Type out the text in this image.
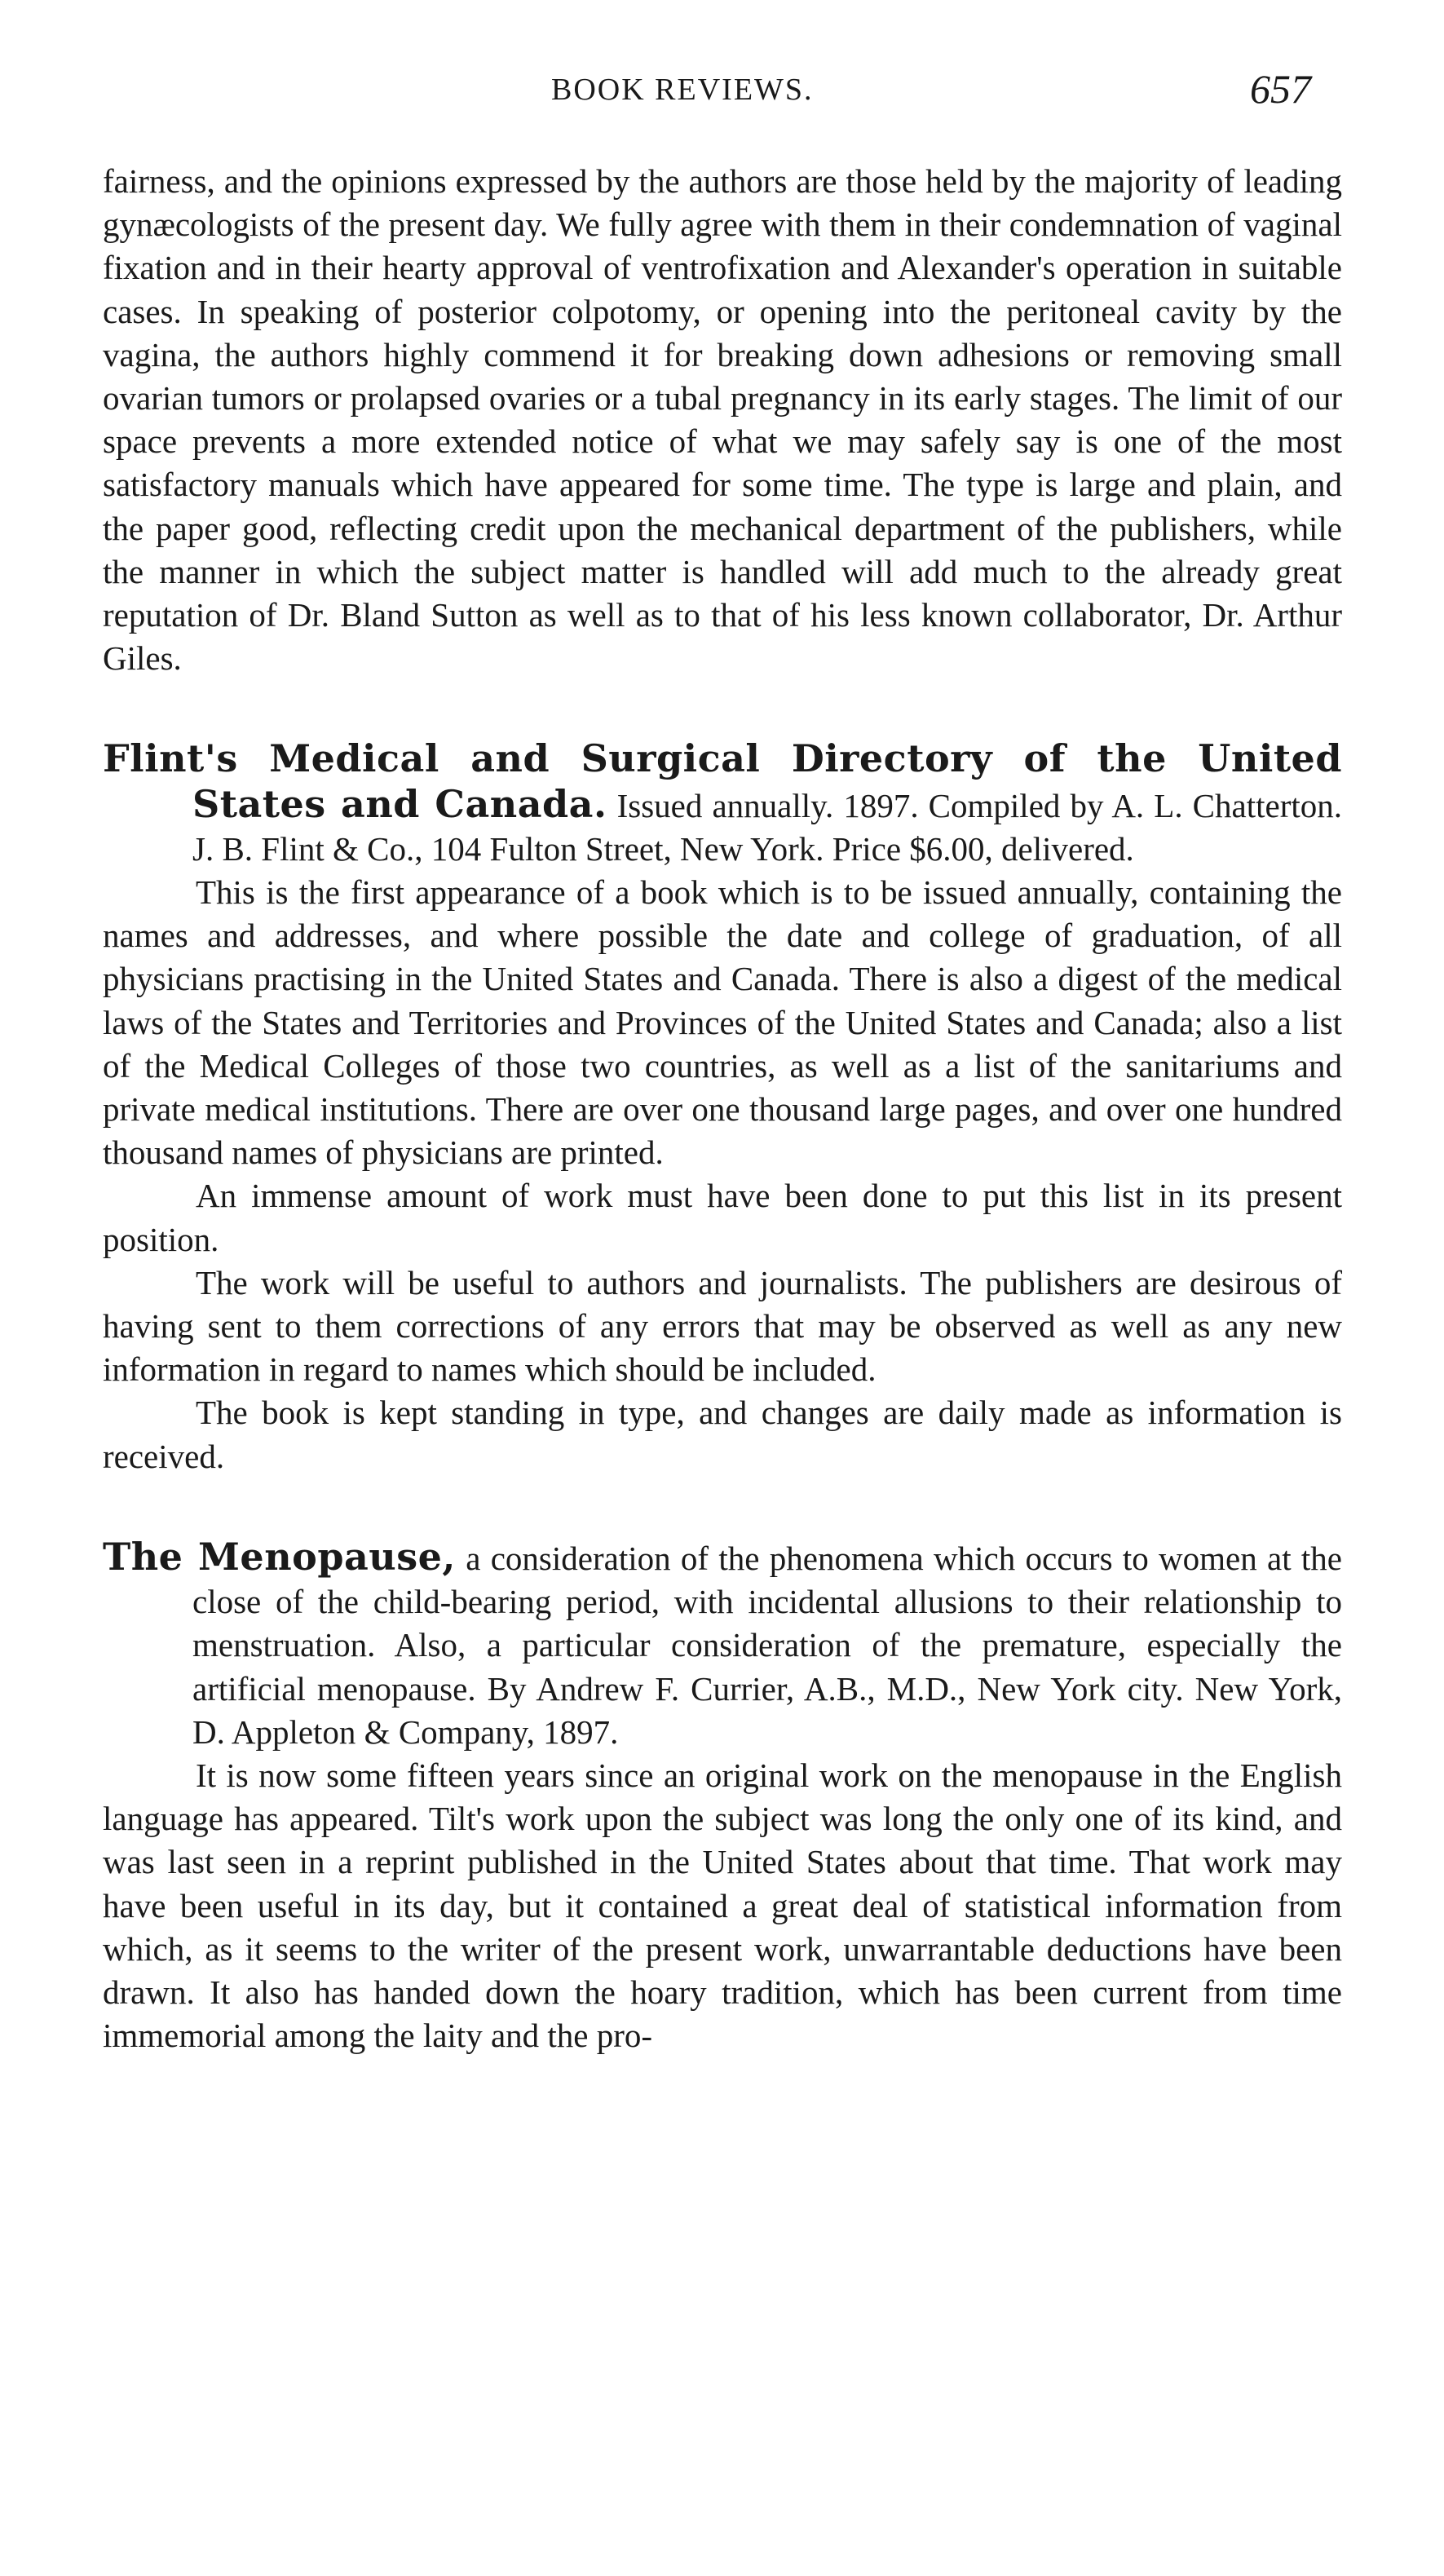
BOOK REVIEWS.	657

fairness, and the opinions expressed by the authors are those held by the majority of leading gynæcologists of the present day. We fully agree with them in their condemnation of vaginal fixation and in their hearty approval of ventrofixation and Alexander's operation in suitable cases. In speaking of posterior colpotomy, or opening into the peritoneal cavity by the vagina, the authors highly commend it for breaking down adhesions or removing small ovarian tumors or prolapsed ovaries or a tubal pregnancy in its early stages. The limit of our space prevents a more extended notice of what we may safely say is one of the most satisfactory manuals which have appeared for some time. The type is large and plain, and the paper good, reflecting credit upon the mechanical department of the publishers, while the manner in which the subject matter is handled will add much to the already great reputation of Dr. Bland Sutton as well as to that of his less known collaborator, Dr. Arthur Giles.

Flint's Medical and Surgical Directory of the United States and Canada. Issued annually. 1897. Compiled by A. L. Chatterton. J. B. Flint & Co., 104 Fulton Street, New York. Price $6.00, delivered.

This is the first appearance of a book which is to be issued annually, containing the names and addresses, and where possible the date and college of graduation, of all physicians practising in the United States and Canada. There is also a digest of the medical laws of the States and Territories and Provinces of the United States and Canada; also a list of the Medical Colleges of those two countries, as well as a list of the sanitariums and private medical institutions. There are over one thousand large pages, and over one hundred thousand names of physicians are printed.

An immense amount of work must have been done to put this list in its present position.

The work will be useful to authors and journalists. The publishers are desirous of having sent to them corrections of any errors that may be observed as well as any new information in regard to names which should be included.

The book is kept standing in type, and changes are daily made as information is received.

The Menopause, a consideration of the phenomena which occurs to women at the close of the child-bearing period, with incidental allusions to their relationship to menstruation. Also, a particular consideration of the premature, especially the artificial menopause. By Andrew F. Currier, A.B., M.D., New York city. New York, D. Appleton & Company, 1897.

It is now some fifteen years since an original work on the menopause in the English language has appeared. Tilt's work upon the subject was long the only one of its kind, and was last seen in a reprint published in the United States about that time. That work may have been useful in its day, but it contained a great deal of statistical information from which, as it seems to the writer of the present work, unwarrantable deductions have been drawn. It also has handed down the hoary tradition, which has been current from time immemorial among the laity and the pro-
